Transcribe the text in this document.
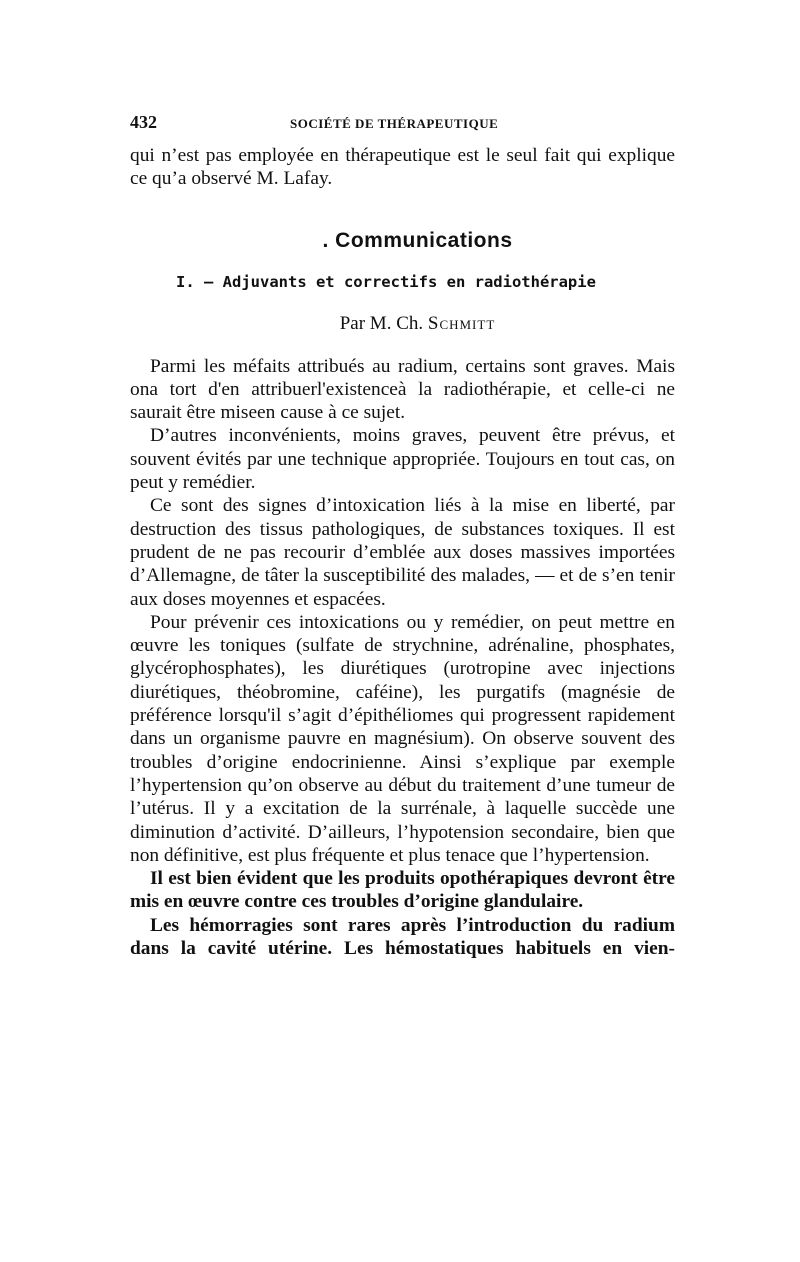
432	SOCIÉTÉ DE THÉRAPEUTIQUE

qui n’est pas employée en thérapeutique est le seul fait qui explique ce qu’a observé M. Lafay.

. Communications
I. — Adjuvants et correctifs en radiothérapie
Par M. Ch. Schmitt

Parmi les méfaits attribués au radium, certains sont graves. Mais ona tort d'en attribuerl'existenceà la radiothérapie, et celle-ci ne saurait être miseen cause à ce sujet.

D’autres inconvénients, moins graves, peuvent être prévus, et souvent évités par une technique appropriée. Toujours en tout cas, on peut y remédier.

Ce sont des signes d’intoxication liés à la mise en liberté, par destruction des tissus pathologiques, de substances toxiques. Il est prudent de ne pas recourir d’emblée aux doses massives importées d’Allemagne, de tâter la susceptibilité des malades, — et de s’en tenir aux doses moyennes et espacées.

Pour prévenir ces intoxications ou y remédier, on peut mettre en œuvre les toniques (sulfate de strychnine, adrénaline, phosphates, glycérophosphates), les diurétiques (urotropine avec injections diurétiques, théobromine, caféine), les purgatifs (magnésie de préférence lorsqu'il s’agit d’épithéliomes qui progressent rapidement dans un organisme pauvre en magnésium). On observe souvent des troubles d’origine endocrinienne. Ainsi s’explique par exemple l’hypertension qu’on observe au début du traitement d’une tumeur de l’utérus. Il y a excitation de la surrénale, à laquelle succède une diminution d’activité. D’ailleurs, l’hypotension secondaire, bien que non définitive, est plus fréquente et plus tenace que l’hypertension.

Il est bien évident que les produits opothérapiques devront être mis en œuvre contre ces troubles d’origine glandulaire.

Les hémorragies sont rares après l’introduction du radium dans la cavité utérine. Les hémostatiques habituels en vien-
